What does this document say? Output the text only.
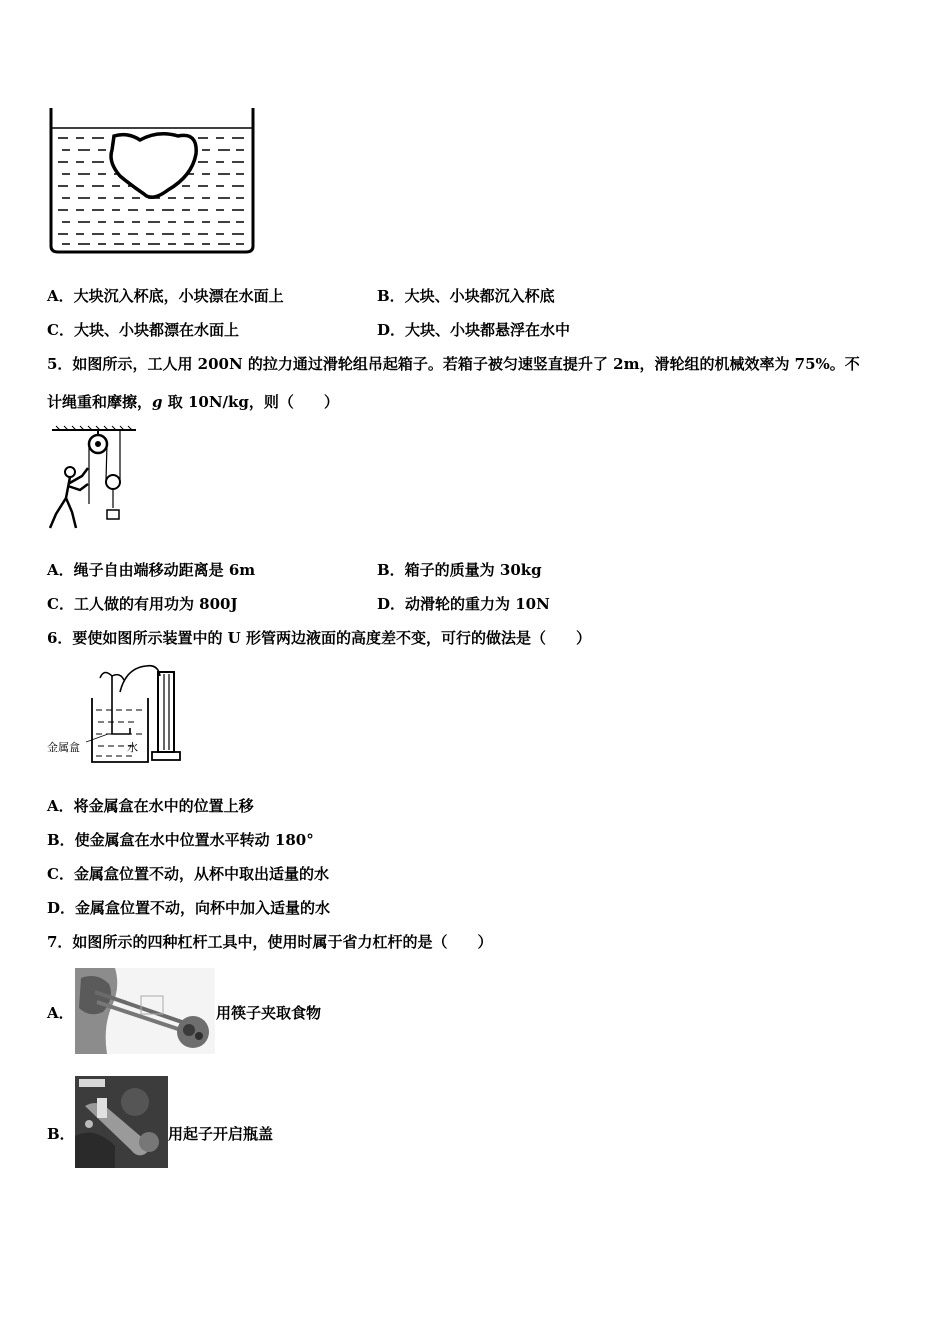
A．大块沉入杯底，小块漂在水面上	B．大块、小块都沉入杯底
C．大块、小块都漂在水面上	D．大块、小块都悬浮在水中
5．如图所示，工人用 200N 的拉力通过滑轮组吊起箱子。若箱子被匀速竖直提升了 2m，滑轮组的机械效率为 75%。不
计绳重和摩擦，g 取 10N/kg，则（　　）
A．绳子自由端移动距离是 6m	B．箱子的质量为 30kg
C．工人做的有用功为 800J	D．动滑轮的重力为 10N
6．要使如图所示装置中的 U 形管两边液面的高度差不变，可行的做法是（　　）
金属盒	水
A．将金属盒在水中的位置上移
B．使金属盒在水中位置水平转动 180°
C．金属盒位置不动，从杯中取出适量的水
D．金属盒位置不动，向杯中加入适量的水
7．如图所示的四种杠杆工具中，使用时属于省力杠杆的是（　　）
A．	用筷子夹取食物
B．	用起子开启瓶盖
